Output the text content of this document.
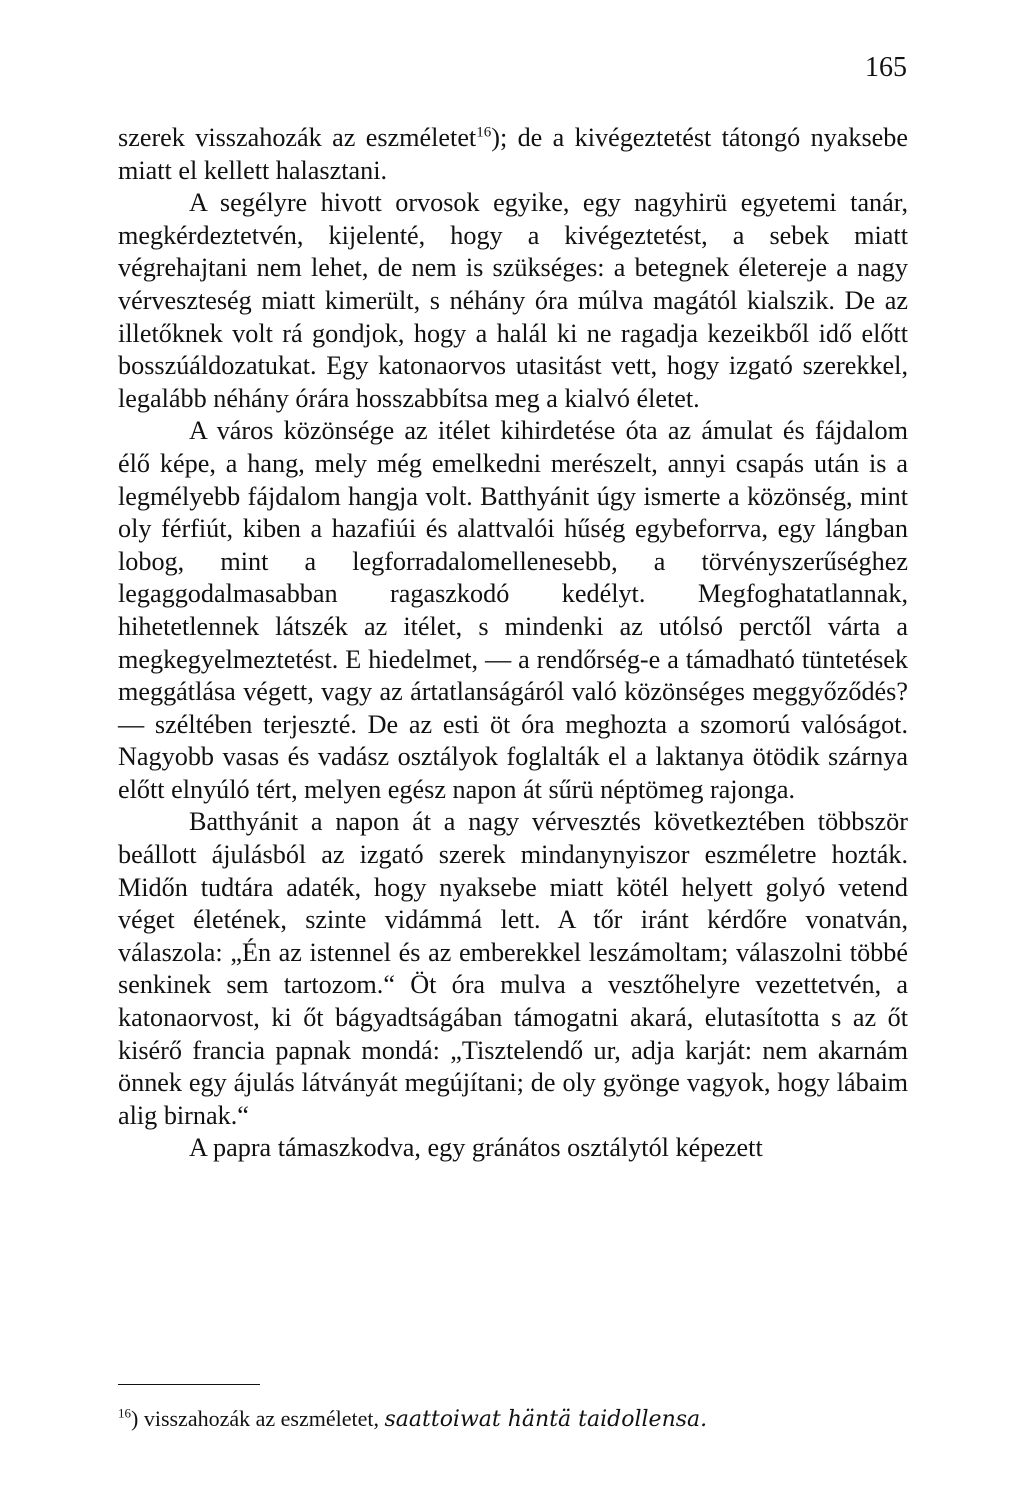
165

szerek visszahozák az eszméletet$^{16}$); de a kivégeztetést tátongó nyaksebe miatt el kellett halasztani.

A segélyre hivott orvosok egyike, egy nagyhirü egyetemi tanár, megkérdeztetvén, kijelenté, hogy a kivégeztetést, a sebek miatt végrehajtani nem lehet, de nem is szükséges: a betegnek életereje a nagy vérveszteség miatt kimerült, s néhány óra múlva magától kialszik. De az illetőknek volt rá gondjok, hogy a halál ki ne ragadja kezeikből idő előtt bosszúáldozatukat. Egy katonaorvos utasitást vett, hogy izgató szerekkel, legalább néhány órára hosszabbítsa meg a kialvó életet.

A város közönsége az itélet kihirdetése óta az ámulat és fájdalom élő képe, a hang, mely még emelkedni merészelt, annyi csapás után is a legmélyebb fájdalom hangja volt. Batthyánit úgy ismerte a közönség, mint oly férfiút, kiben a hazafiúi és alattvalói hűség egybeforrva, egy lángban lobog, mint a legforradalomellenesebb, a törvényszerűséghez legaggodalmasabban ragaszkodó kedélyt. Megfoghatatlannak, hihetetlennek látszék az itélet, s mindenki az utólsó perctől várta a megkegyelmeztetést. E hiedelmet, — a rendőrség-e a támadható tüntetések meggátlása végett, vagy az ártatlanságáról való közönséges meggyőződés? — széltében terjeszté. De az esti öt óra meghozta a szomorú valóságot. Nagyobb vasas és vadász osztályok foglalták el a laktanya ötödik szárnya előtt elnyúló tért, melyen egész napon át sűrü néptömeg rajonga.

Batthyánit a napon át a nagy vérvesztés következtében többször beállott ájulásból az izgató szerek mindanynyiszor eszméletre hozták. Midőn tudtára adaték, hogy nyaksebe miatt kötél helyett golyó vetend véget életének, szinte vidámmá lett. A tőr iránt kérdőre vonatván, válaszola: „Én az istennel és az emberekkel leszámoltam; válaszolni többé senkinek sem tartozom.“ Öt óra mulva a vesztőhelyre vezettetvén, a katonaorvost, ki őt bágyadtságában támogatni akará, elutasította s az őt kisérő francia papnak mondá: „Tisztelendő ur, adja karját: nem akarnám önnek egy ájulás látványát megújítani; de oly gyönge vagyok, hogy lábaim alig birnak.“

A papra támaszkodva, egy gránátos osztálytól képezett

$^{16}$) visszahozák az eszméletet, saattoiwat häntä taidollensa.
